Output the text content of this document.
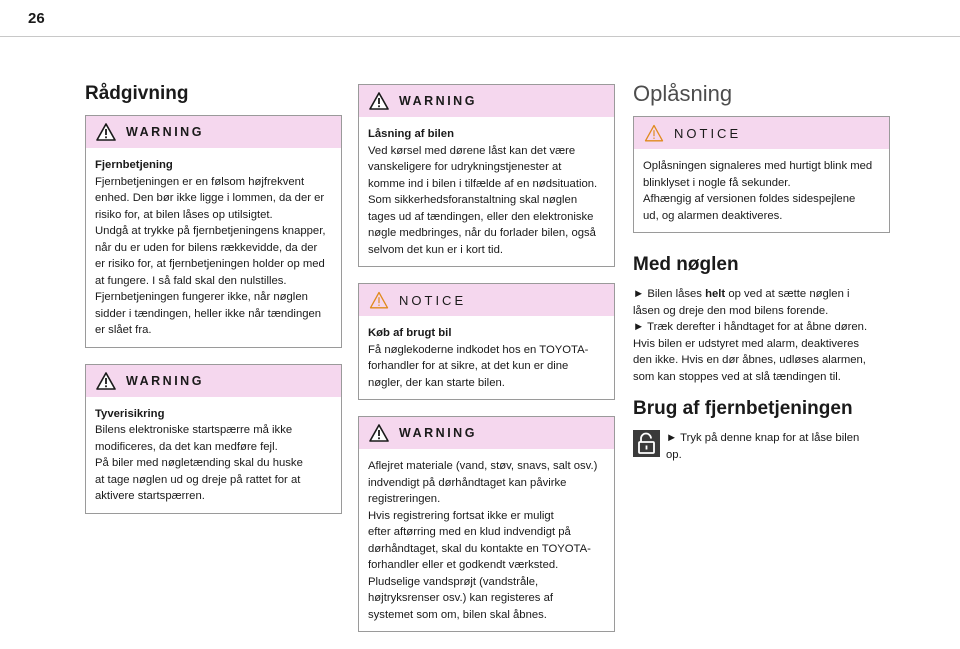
26
Rådgivning
WARNING
Fjernbetjening

Fjernbetjeningen er en følsom højfrekvent

enhed. Den bør ikke ligge i lommen, da der er

risiko for, at bilen låses op utilsigtet.

Undgå at trykke på fjernbetjeningens knapper,

når du er uden for bilens rækkevidde, da der

er risiko for, at fjernbetjeningen holder op med

at fungere. I så fald skal den nulstilles.

Fjernbetjeningen fungerer ikke, når nøglen

sidder i tændingen, heller ikke når tændingen

er slået fra.

WARNING
Tyverisikring

Bilens elektroniske startspærre må ikke

modificeres, da det kan medføre fejl.

På biler med nøgletænding skal du huske

at tage nøglen ud og dreje på rattet for at

aktivere startspærren.

WARNING
Låsning af bilen

Ved kørsel med dørene låst kan det være

vanskeligere for udrykningstjenester at

komme ind i bilen i tilfælde af en nødsituation.

Som sikkerhedsforanstaltning skal nøglen

tages ud af tændingen, eller den elektroniske

nøgle medbringes, når du forlader bilen, også

selvom det kun er i kort tid.

NOTICE
Køb af brugt bil

Få nøglekoderne indkodet hos en TOYOTA-

forhandler for at sikre, at det kun er dine

nøgler, der kan starte bilen.

WARNING

Aflejret materiale (vand, støv, snavs, salt osv.)

indvendigt på dørhåndtaget kan påvirke

registreringen.

Hvis registrering fortsat ikke er muligt

efter aftørring med en klud indvendigt på

dørhåndtaget, skal du kontakte en TOYOTA-

forhandler eller et godkendt værksted.

Pludselige vandsprøjt (vandstråle,

højtryksrenser osv.) kan registeres af

systemet som om, bilen skal åbnes.

Oplåsning
NOTICE

Oplåsningen signaleres med hurtigt blink med

blinklyset i nogle få sekunder.

Afhængig af versionen foldes sidespejlene

ud, og alarmen deaktiveres.

Med nøglen

► Bilen låses helt op ved at sætte nøglen i

låsen og dreje den mod bilens forende.

► Træk derefter i håndtaget for at åbne døren.

Hvis bilen er udstyret med alarm, deaktiveres

den ikke. Hvis en dør åbnes, udløses alarmen,

som kan stoppes ved at slå tændingen til.

Brug af fjernbetjeningen

► Tryk på denne knap for at låse bilen

op.
